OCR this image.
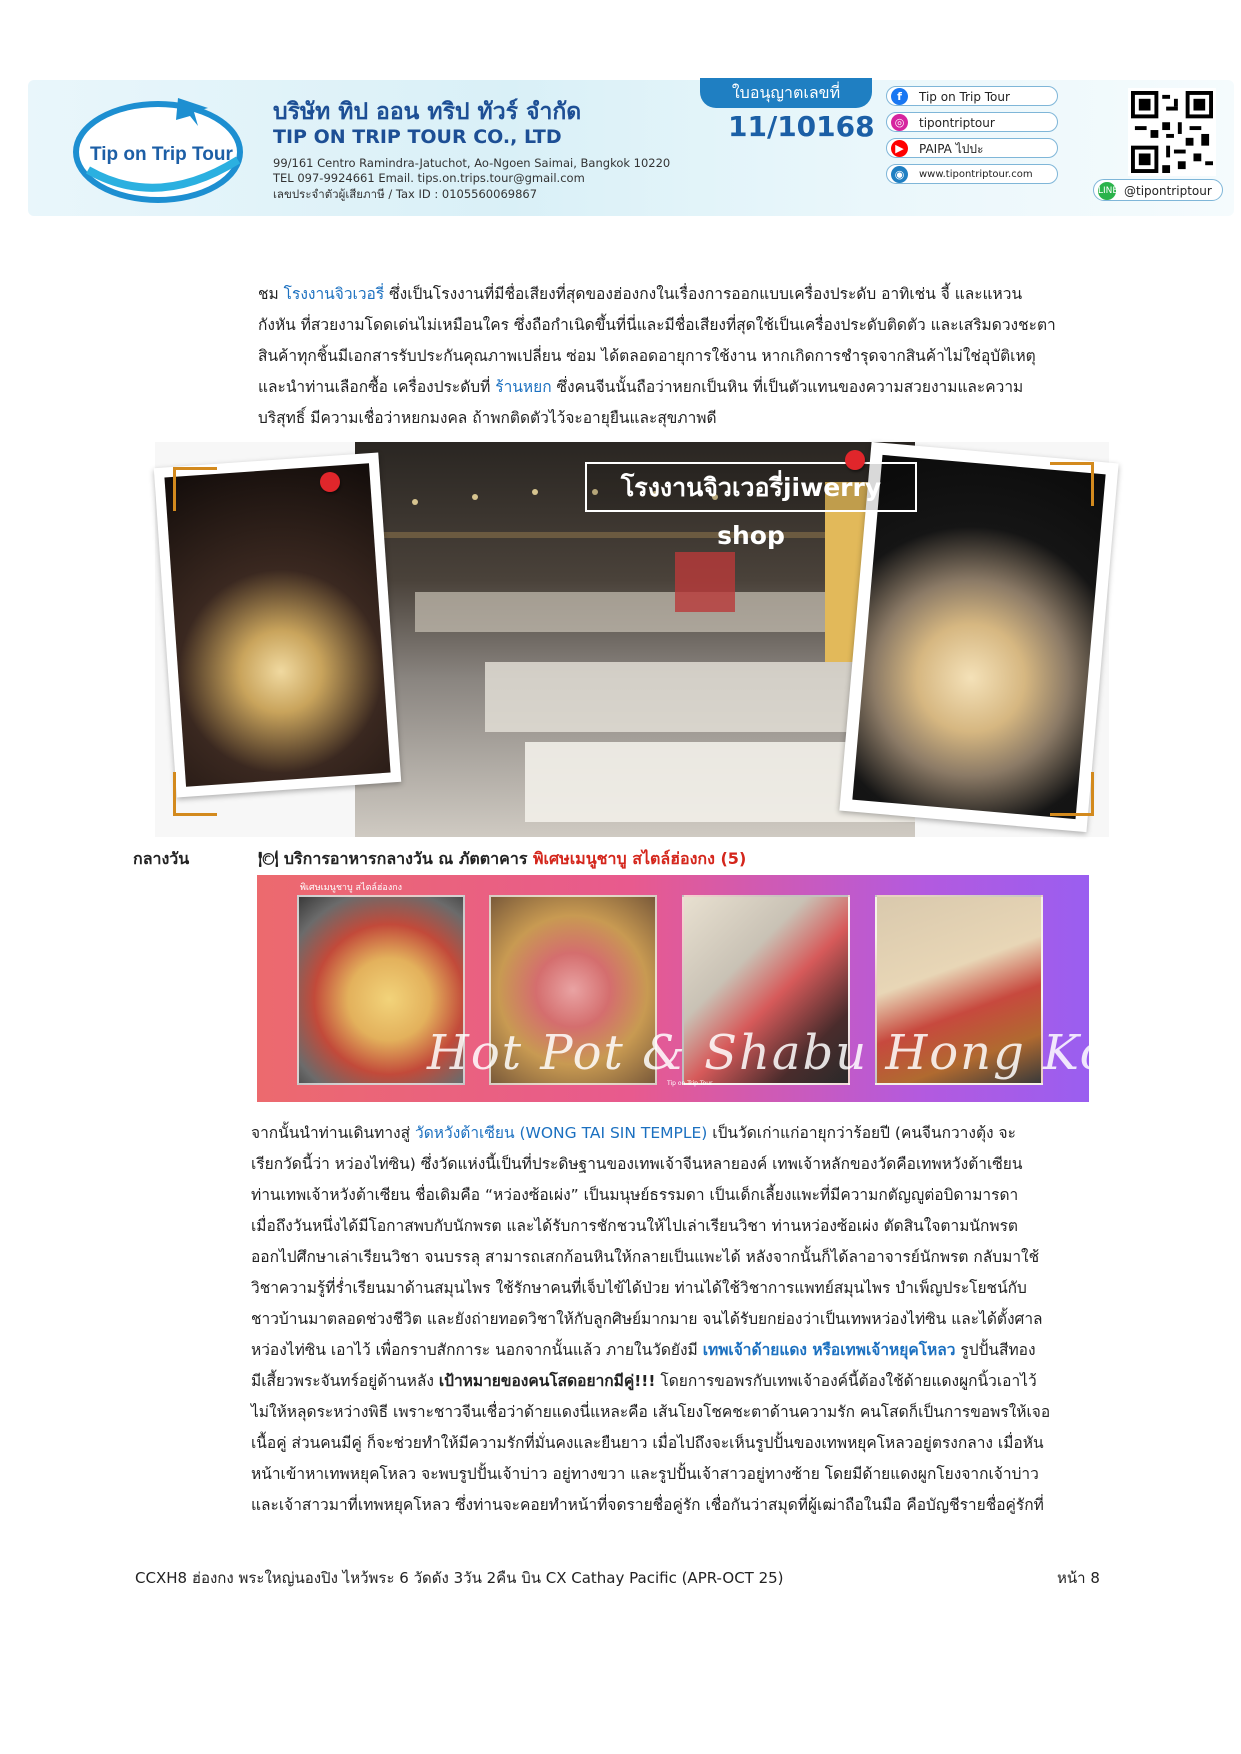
Tip on Trip Tour
บริษัท ทิป ออน ทริป ทัวร์ จำกัด
TIP ON TRIP TOUR CO., LTD
99/161 Centro Ramindra-Jatuchot, Ao-Ngoen Saimai, Bangkok 10220
TEL 097-9924661 Email. tips.on.trips.tour@gmail.com
เลขประจำตัวผู้เสียภาษี / Tax ID : 0105560069867
ใบอนุญาตเลขที่
11/10168
f	Tip on Trip Tour
◎	tipontriptour
▶	PAIPA ไปปะ
◉	www.tipontriptour.com
LINE @tipontriptour
ชม โรงงานจิวเวอรี่ ซึ่งเป็นโรงงานที่มีชื่อเสียงที่สุดของฮ่องกงในเรื่องการออกแบบเครื่องประดับ อาทิเช่น จี้ และแหวน
กังหัน ที่สวยงามโดดเด่นไม่เหมือนใคร ซึ่งถือกำเนิดขึ้นที่นี่และมีชื่อเสียงที่สุดใช้เป็นเครื่องประดับติดตัว และเสริมดวงชะตา
สินค้าทุกชิ้นมีเอกสารรับประกันคุณภาพเปลี่ยน ซ่อม ได้ตลอดอายุการใช้งาน หากเกิดการชำรุดจากสินค้าไม่ใช่อุบัติเหตุ
และนำท่านเลือกซื้อ เครื่องประดับที่ ร้านหยก ซึ่งคนจีนนั้นถือว่าหยกเป็นหิน ที่เป็นตัวแทนของความสวยงามและความ
บริสุทธิ์ มีความเชื่อว่าหยกมงคล ถ้าพกติดตัวไว้จะอายุยืนและสุขภาพดี
โรงงานจิวเวอรี่jiwerry shop
กลางวัน	🍽 บริการอาหารกลางวัน ณ ภัตตาคาร พิเศษเมนูชาบู สไตล์ฮ่องกง (5)
พิเศษเมนูชาบู สไตล์ฮ่องกง
Hot Pot & Shabu Hong Kong
Tip on Trip Tour
จากนั้นนำท่านเดินทางสู่ วัดหวังต้าเซียน (WONG TAI SIN TEMPLE) เป็นวัดเก่าแก่อายุกว่าร้อยปี (คนจีนกวางตุ้ง จะ
เรียกวัดนี้ว่า หว่องไท่ซิน) ซึ่งวัดแห่งนี้เป็นที่ประดิษฐานของเทพเจ้าจีนหลายองค์ เทพเจ้าหลักของวัดคือเทพหวังต้าเซียน
ท่านเทพเจ้าหวังต้าเซียน ชื่อเดิมคือ “หว่องซ้อเผ่ง” เป็นมนุษย์ธรรมดา เป็นเด็กเลี้ยงแพะที่มีความกตัญญูต่อบิดามารดา
เมื่อถึงวันหนึ่งได้มีโอกาสพบกับนักพรต และได้รับการชักชวนให้ไปเล่าเรียนวิชา ท่านหว่องซ้อเผ่ง ตัดสินใจตามนักพรต
ออกไปศึกษาเล่าเรียนวิชา จนบรรลุ สามารถเสกก้อนหินให้กลายเป็นแพะได้ หลังจากนั้นก็ได้ลาอาจารย์นักพรต กลับมาใช้
วิชาความรู้ที่ร่ำเรียนมาด้านสมุนไพร ใช้รักษาคนที่เจ็บไข้ได้ป่วย ท่านได้ใช้วิชาการแพทย์สมุนไพร บำเพ็ญประโยชน์กับ
ชาวบ้านมาตลอดช่วงชีวิต และยังถ่ายทอดวิชาให้กับลูกศิษย์มากมาย จนได้รับยกย่องว่าเป็นเทพหว่องไท่ซิน และได้ตั้งศาล
หว่องไท่ซิน เอาไว้ เพื่อกราบสักการะ นอกจากนั้นแล้ว ภายในวัดยังมี เทพเจ้าด้ายแดง หรือเทพเจ้าหยุคโหลว รูปปั้นสีทอง
มีเสี้ยวพระจันทร์อยู่ด้านหลัง เป้าหมายของคนโสดอยากมีคู่!!! โดยการขอพรกับเทพเจ้าองค์นี้ต้องใช้ด้ายแดงผูกนิ้วเอาไว้
ไม่ให้หลุดระหว่างพิธี เพราะชาวจีนเชื่อว่าด้ายแดงนี่แหละคือ เส้นโยงโชคชะตาด้านความรัก คนโสดก็เป็นการขอพรให้เจอ
เนื้อคู่ ส่วนคนมีคู่ ก็จะช่วยทำให้มีความรักที่มั่นคงและยืนยาว เมื่อไปถึงจะเห็นรูปปั้นของเทพหยุคโหลวอยู่ตรงกลาง เมื่อหัน
หน้าเข้าหาเทพหยุคโหลว จะพบรูปปั้นเจ้าบ่าว อยู่ทางขวา และรูปปั้นเจ้าสาวอยู่ทางซ้าย โดยมีด้ายแดงผูกโยงจากเจ้าบ่าว
และเจ้าสาวมาที่เทพหยุคโหลว ซึ่งท่านจะคอยทำหน้าที่จดรายชื่อคู่รัก เชื่อกันว่าสมุดที่ผู้เฒ่าถือในมือ คือบัญชีรายชื่อคู่รักที่
CCXH8 ฮ่องกง พระใหญ่นองปิง ไหว้พระ 6 วัดดัง 3วัน 2คืน บิน CX Cathay Pacific (APR-OCT 25)	หน้า 8
